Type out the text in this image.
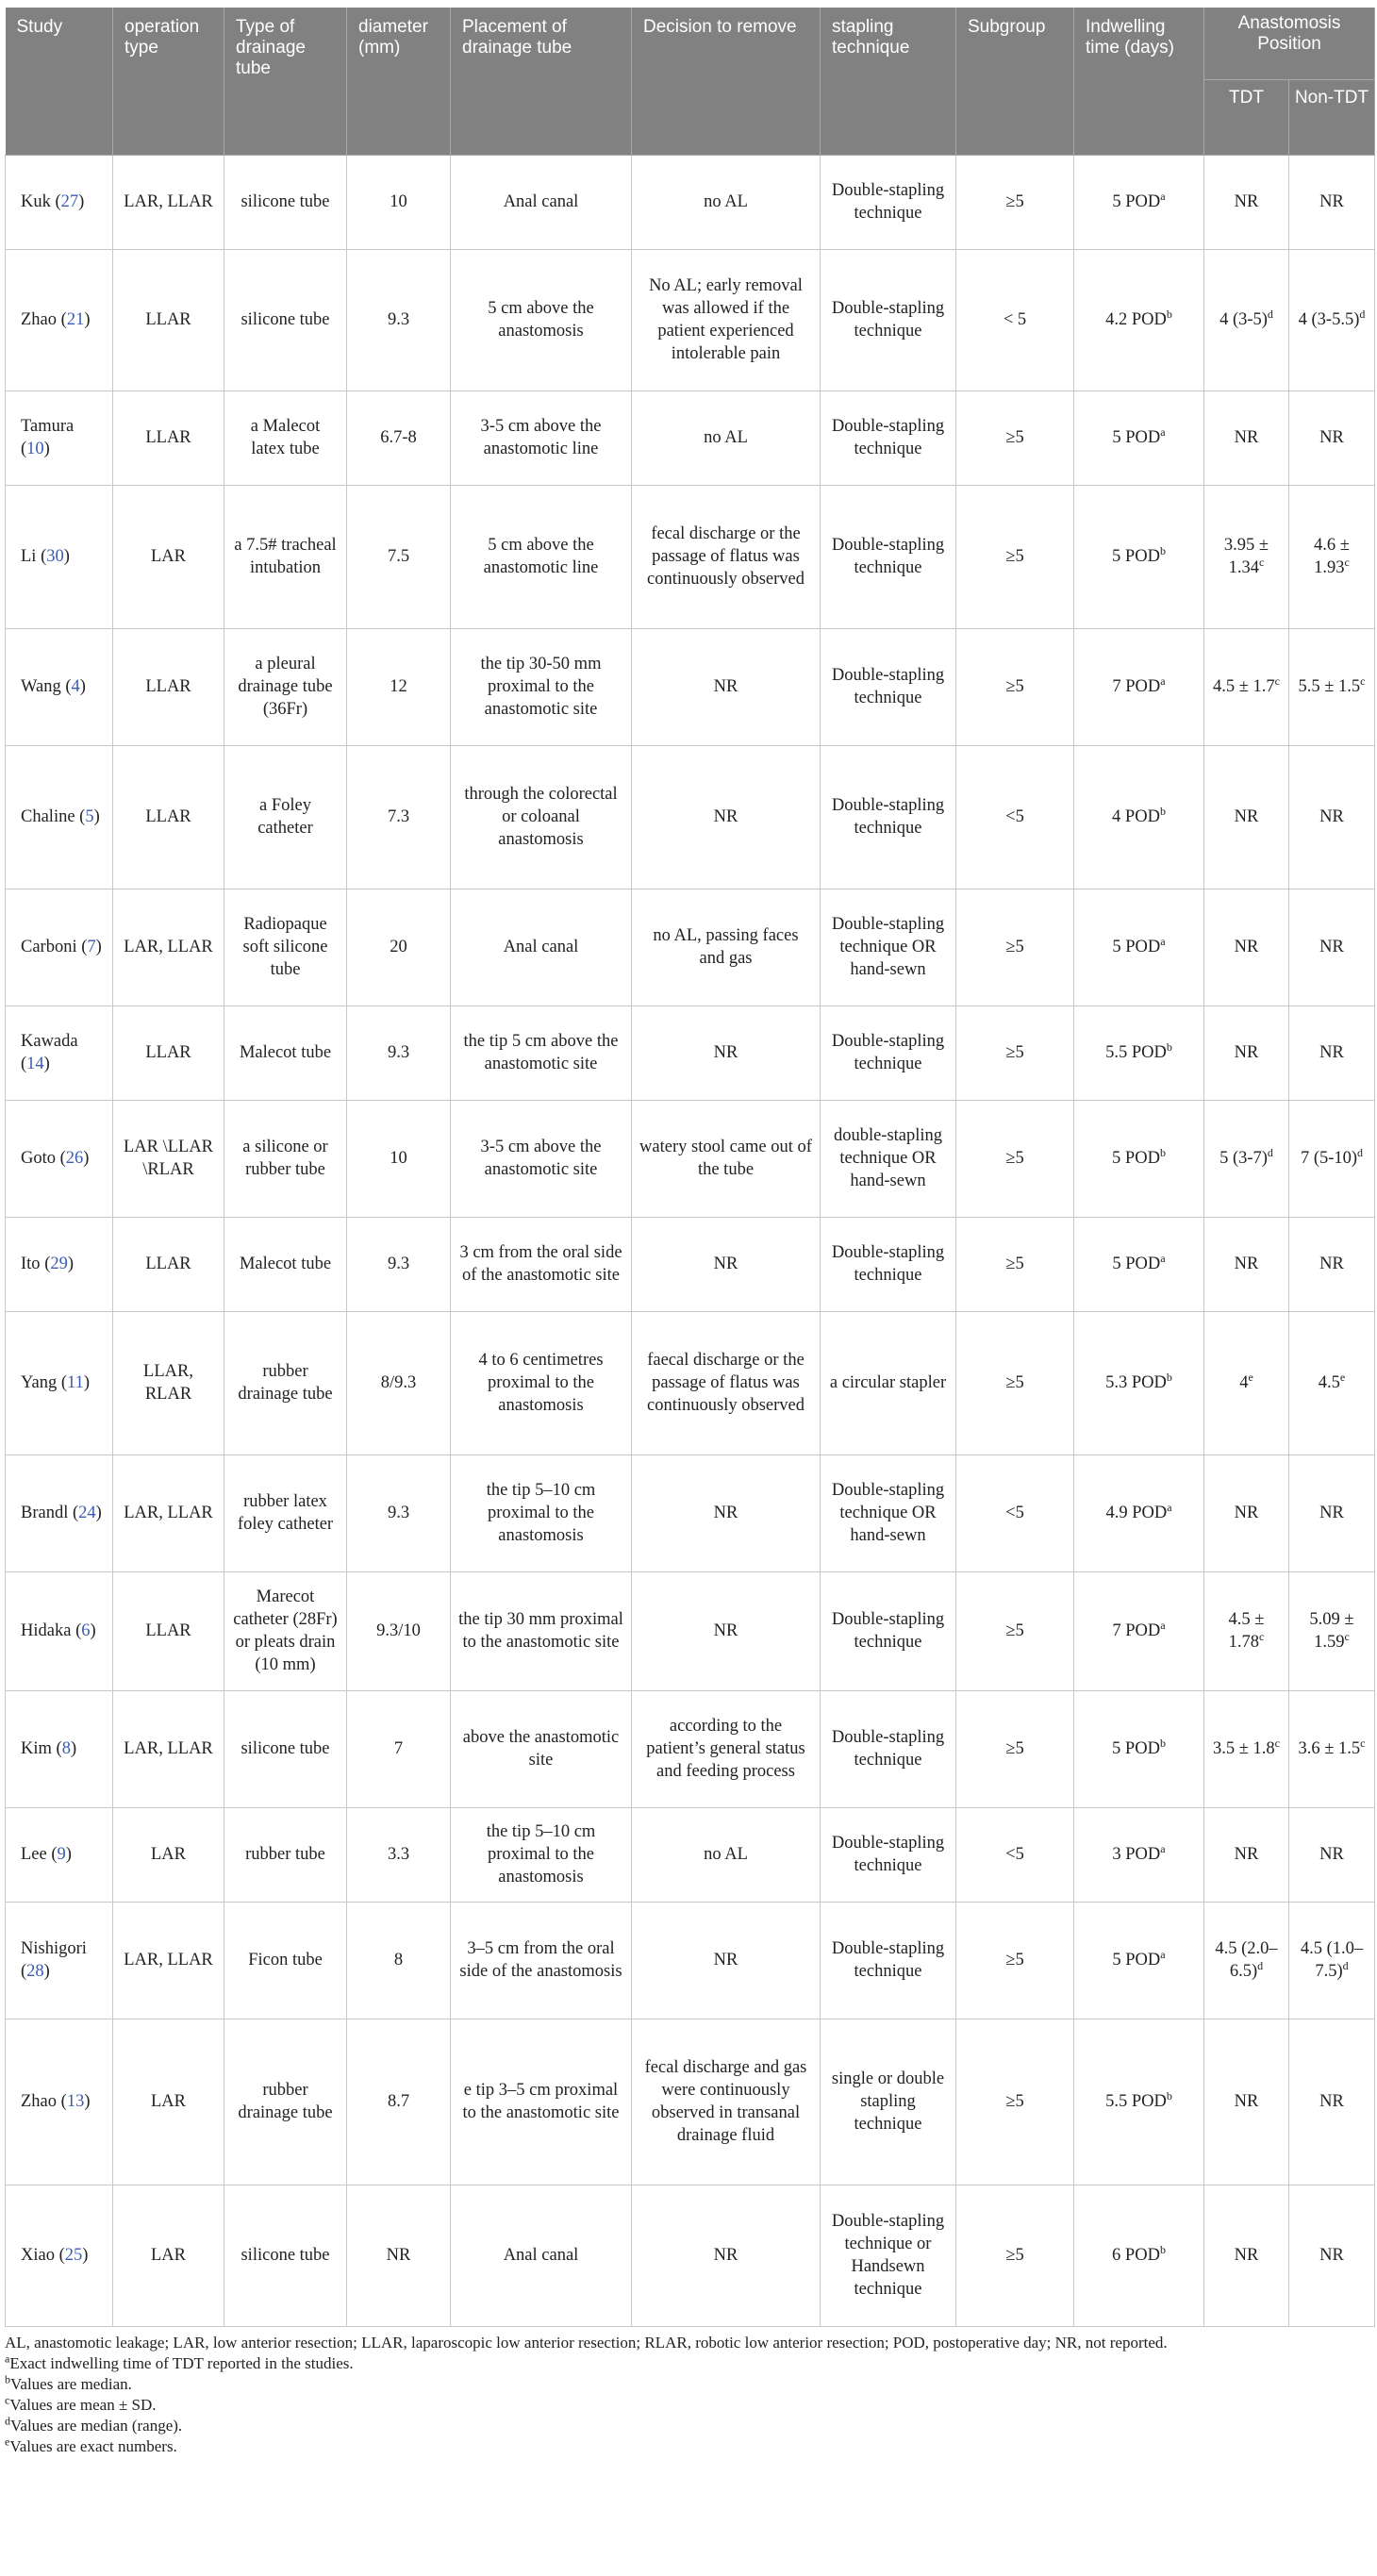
Study	operation type	Type of drainage tube	diameter (mm)	Placement of drainage tube	Decision to remove	stapling technique	Subgroup	Indwelling time (days)	Anastomosis Position	
									TDT	Non-TDT
Kuk (27)	LAR, LLAR	silicone tube	10	Anal canal	no AL	Double-stapling technique	≥5	5 POD$^a$	NR	NR
Zhao (21)	LLAR	silicone tube	9.3	5 cm above the anastomosis	No AL; early removal was allowed if the patient experienced intolerable pain	Double-stapling technique	< 5	4.2 POD$^b$	4 $(3-5)^d$	4 $(3-5.5)^d$
Tamura (10)	LLAR	a Malecot latex tube	6.7-8	3-5 cm above the anastomotic line	no AL	Double-stapling technique	≥5	5 POD$^a$	NR	NR
Li (30)	LAR	a 7.5# tracheal intubation	7.5	5 cm above the anastomotic line	fecal discharge or the passage of flatus was continuously observed	Double-stapling technique	≥5	5 POD$^b$	3.95 ± 1.34$^c$	4.6 ± 1.93$^c$
Wang (4)	LLAR	a pleural drainage tube (36Fr)	12	the tip 30-50 mm proximal to the anastomotic site	NR	Double-stapling technique	≥5	7 POD$^a$	4.5 ± 1.7$^c$	5.5 ± 1.5$^c$
Chaline (5)	LLAR	a Foley catheter	7.3	through the colorectal or coloanal anastomosis	NR	Double-stapling technique	<5	4 POD$^b$	NR	NR
Carboni (7)	LAR, LLAR	Radiopaque soft silicone tube	20	Anal canal	no AL, passing faces and gas	Double-stapling technique OR hand-sewn	≥5	5 POD$^a$	NR	NR
Kawada (14)	LLAR	Malecot tube	9.3	the tip 5 cm above the anastomotic site	NR	Double-stapling technique	≥5	5.5 POD$^b$	NR	NR
Goto (26)	LAR \LLAR \RLAR	a silicone or rubber tube	10	3-5 cm above the anastomotic site	watery stool came out of the tube	double-stapling technique OR hand-sewn	≥5	5 POD$^b$	5 $(3-7)^d$	7 $(5-10)^d$
Ito (29)	LLAR	Malecot tube	9.3	3 cm from the oral side of the anastomotic site	NR	Double-stapling technique	≥5	5 POD$^a$	NR	NR
Yang (11)	LLAR, RLAR	rubber drainage tube	8/9.3	4 to 6 centimetres proximal to the anastomosis	faecal discharge or the passage of flatus was continuously observed	a circular stapler	≥5	5.3 POD$^b$	4e	4.5e
Brandl (24)	LAR, LLAR	rubber latex foley catheter	9.3	the tip 5–10 cm proximal to the anastomosis	NR	Double-stapling technique OR hand-sewn	<5	4.9 POD$^a$	NR	NR
Hidaka (6)	LLAR	Marecot catheter (28Fr) or pleats drain (10 mm)	9.3/10	the tip 30 mm proximal to the anastomotic site	NR	Double-stapling technique	≥5	7 POD$^a$	4.5 ± 1.78$^c$	5.09 ± 1.59$^c$
Kim (8)	LAR, LLAR	silicone tube	7	above the anastomotic site	according to the patient’s general status and feeding process	Double-stapling technique	≥5	5 POD$^b$	3.5 ± 1.8$^c$	3.6 ± 1.5$^c$
Lee (9)	LAR	rubber tube	3.3	the tip 5–10 cm proximal to the anastomosis	no AL	Double-stapling technique	<5	3 POD$^a$	NR	NR
Nishigori (28)	LAR, LLAR	Ficon tube	8	3–5 cm from the oral side of the anastomosis	NR	Double-stapling technique	≥5	5 POD$^a$	4.5 $(2.0-6.5)^d$	4.5 $(1.0-7.5)^d$
Zhao (13)	LAR	rubber drainage tube	8.7	e tip 3–5 cm proximal to the anastomotic site	fecal discharge and gas were continuously observed in transanal drainage fluid	single or double stapling technique	≥5	5.5 POD$^b$	NR	NR
Xiao (25)	LAR	silicone tube	NR	Anal canal	NR	Double-stapling technique or Handsewn technique	≥5	6 POD$^b$	NR	NR
AL, anastomotic leakage; LAR, low anterior resection; LLAR, laparoscopic low anterior resection; RLAR, robotic low anterior resection; POD, postoperative day; NR, not reported.
$^a$Exact indwelling time of TDT reported in the studies.
$^b$Values are median.
$^c$Values are mean ± SD.
$^d$Values are median (range).
$^e$Values are exact numbers.
